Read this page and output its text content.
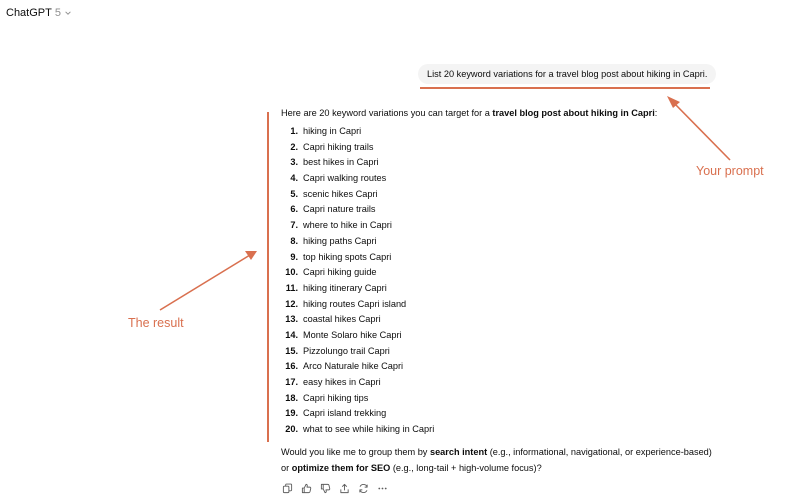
ChatGPT 5
List 20 keyword variations for a travel blog post about hiking in Capri.
Here are 20 keyword variations you can target for a travel blog post about hiking in Capri:
1. hiking in Capri
2. Capri hiking trails
3. best hikes in Capri
4. Capri walking routes
5. scenic hikes Capri
6. Capri nature trails
7. where to hike in Capri
8. hiking paths Capri
9. top hiking spots Capri
10. Capri hiking guide
11. hiking itinerary Capri
12. hiking routes Capri island
13. coastal hikes Capri
14. Monte Solaro hike Capri
15. Pizzolungo trail Capri
16. Arco Naturale hike Capri
17. easy hikes in Capri
18. Capri hiking tips
19. Capri island trekking
20. what to see while hiking in Capri
Would you like me to group them by search intent (e.g., informational, navigational, or experience-based) or optimize them for SEO (e.g., long-tail + high-volume focus)?
Your prompt
The result
